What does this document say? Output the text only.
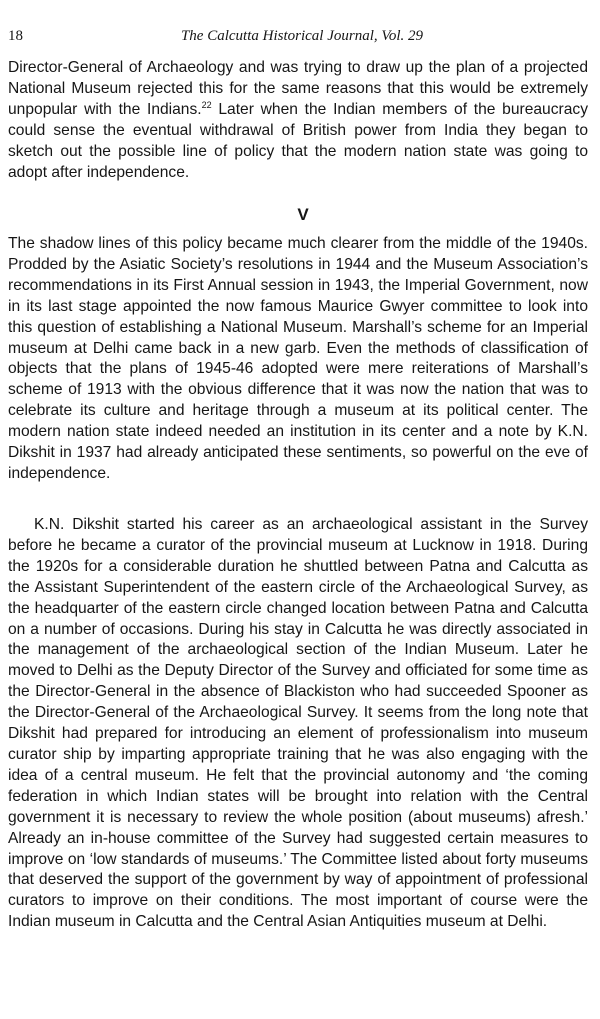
18	The Calcutta Historical Journal, Vol. 29

Director-General of Archaeology and was trying to draw up the plan of a projected National Museum rejected this for the same reasons that this would be extremely unpopular with the Indians.$^{22}$ Later when the Indian members of the bureaucracy could sense the eventual withdrawal of British power from India they began to sketch out the possible line of policy that the modern nation state was going to adopt after independence.

V

The shadow lines of this policy became much clearer from the middle of the 1940s. Prodded by the Asiatic Society’s resolutions in 1944 and the Museum Association’s recommendations in its First Annual session in 1943, the Imperial Government, now in its last stage appointed the now famous Maurice Gwyer committee to look into this question of establishing a National Museum. Marshall’s scheme for an Imperial museum at Delhi came back in a new garb. Even the methods of classification of objects that the plans of 1945-46 adopted were mere reiterations of Marshall’s scheme of 1913 with the obvious difference that it was now the nation that was to celebrate its culture and heritage through a museum at its political center. The modern nation state indeed needed an institution in its center and a note by K.N. Dikshit in 1937 had already anticipated these sentiments, so powerful on the eve of independence.

K.N. Dikshit started his career as an archaeological assistant in the Survey before he became a curator of the provincial museum at Lucknow in 1918. During the 1920s for a considerable duration he shuttled between Patna and Calcutta as the Assistant Superintendent of the eastern circle of the Archaeological Survey, as the headquarter of the eastern circle changed location between Patna and Calcutta on a number of occasions. During his stay in Calcutta he was directly associated in the management of the archaeological section of the Indian Museum. Later he moved to Delhi as the Deputy Director of the Survey and officiated for some time as the Director-General in the absence of Blackiston who had succeeded Spooner as the Director-General of the Archaeological Survey. It seems from the long note that Dikshit had prepared for introducing an element of professionalism into museum curator ship by imparting appropriate training that he was also engaging with the idea of a central museum. He felt that the provincial autonomy and ‘the coming federation in which Indian states will be brought into relation with the Central government it is necessary to review the whole position (about museums) afresh.’ Already an in-house committee of the Survey had suggested certain measures to improve on ‘low standards of museums.’ The Committee listed about forty museums that deserved the support of the government by way of appointment of professional curators to improve on their conditions. The most important of course were the Indian museum in Calcutta and the Central Asian Antiquities museum at Delhi.
